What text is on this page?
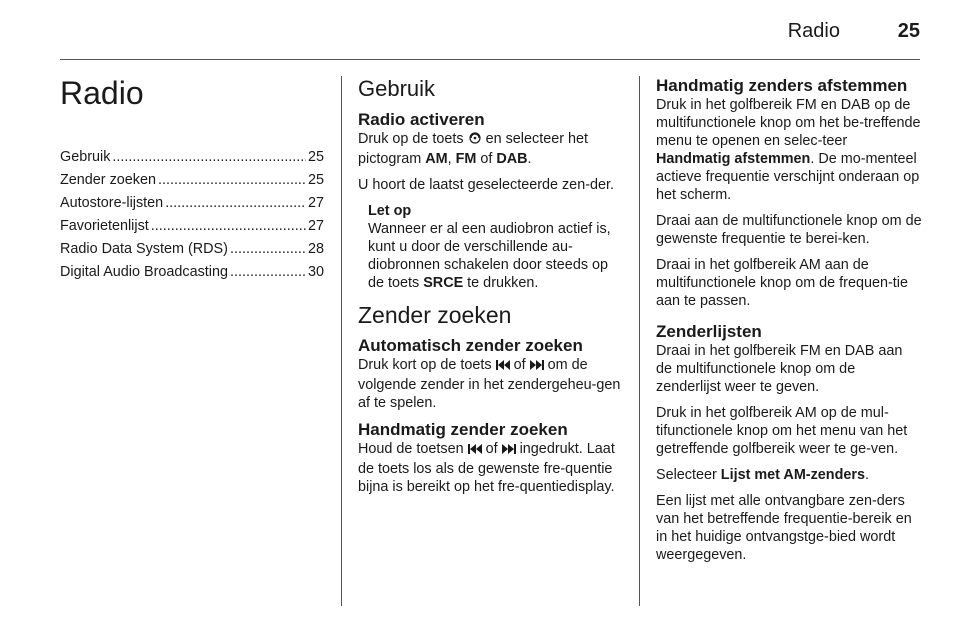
Radio	25
Radio
Gebruik .....	25
Zender zoeken .....	25
Autostore-lijsten .....	27
Favorietenlijst .....	27
Radio Data System (RDS) .....	28
Digital Audio Broadcasting .....	30
Gebruik
Radio activeren

Druk op de toets  en selecteer het pictogram AM, FM of DAB.

U hoort de laatst geselecteerde zen-der.

Let op

Wanneer er al een audiobron actief is, kunt u door de verschillende au-diobronnen schakelen door steeds op de toets SRCE te drukken.

Zender zoeken
Automatisch zender zoeken

Druk kort op de toets  of  om de volgende zender in het zendergeheu-gen af te spelen.

Handmatig zender zoeken

Houd de toetsen  of  ingedrukt. Laat de toets los als de gewenste fre-quentie bijna is bereikt op het fre-quentiedisplay.

Handmatig zenders afstemmen

Druk in het golfbereik FM en DAB op de multifunctionele knop om het be-treffende menu te openen en selec-teer Handmatig afstemmen. De mo-menteel actieve frequentie verschijnt onderaan op het scherm.

Draai aan de multifunctionele knop om de gewenste frequentie te berei-ken.

Draai in het golfbereik AM aan de multifunctionele knop om de frequen-tie aan te passen.

Zenderlijsten

Draai in het golfbereik FM en DAB aan de multifunctionele knop om de zenderlijst weer te geven.

Druk in het golfbereik AM op de mul-tifunctionele knop om het menu van het getreffende golfbereik weer te ge-ven.

Selecteer Lijst met AM-zenders.

Een lijst met alle ontvangbare zen-ders van het betreffende frequentie-bereik en in het huidige ontvangstge-bied wordt weergegeven.
